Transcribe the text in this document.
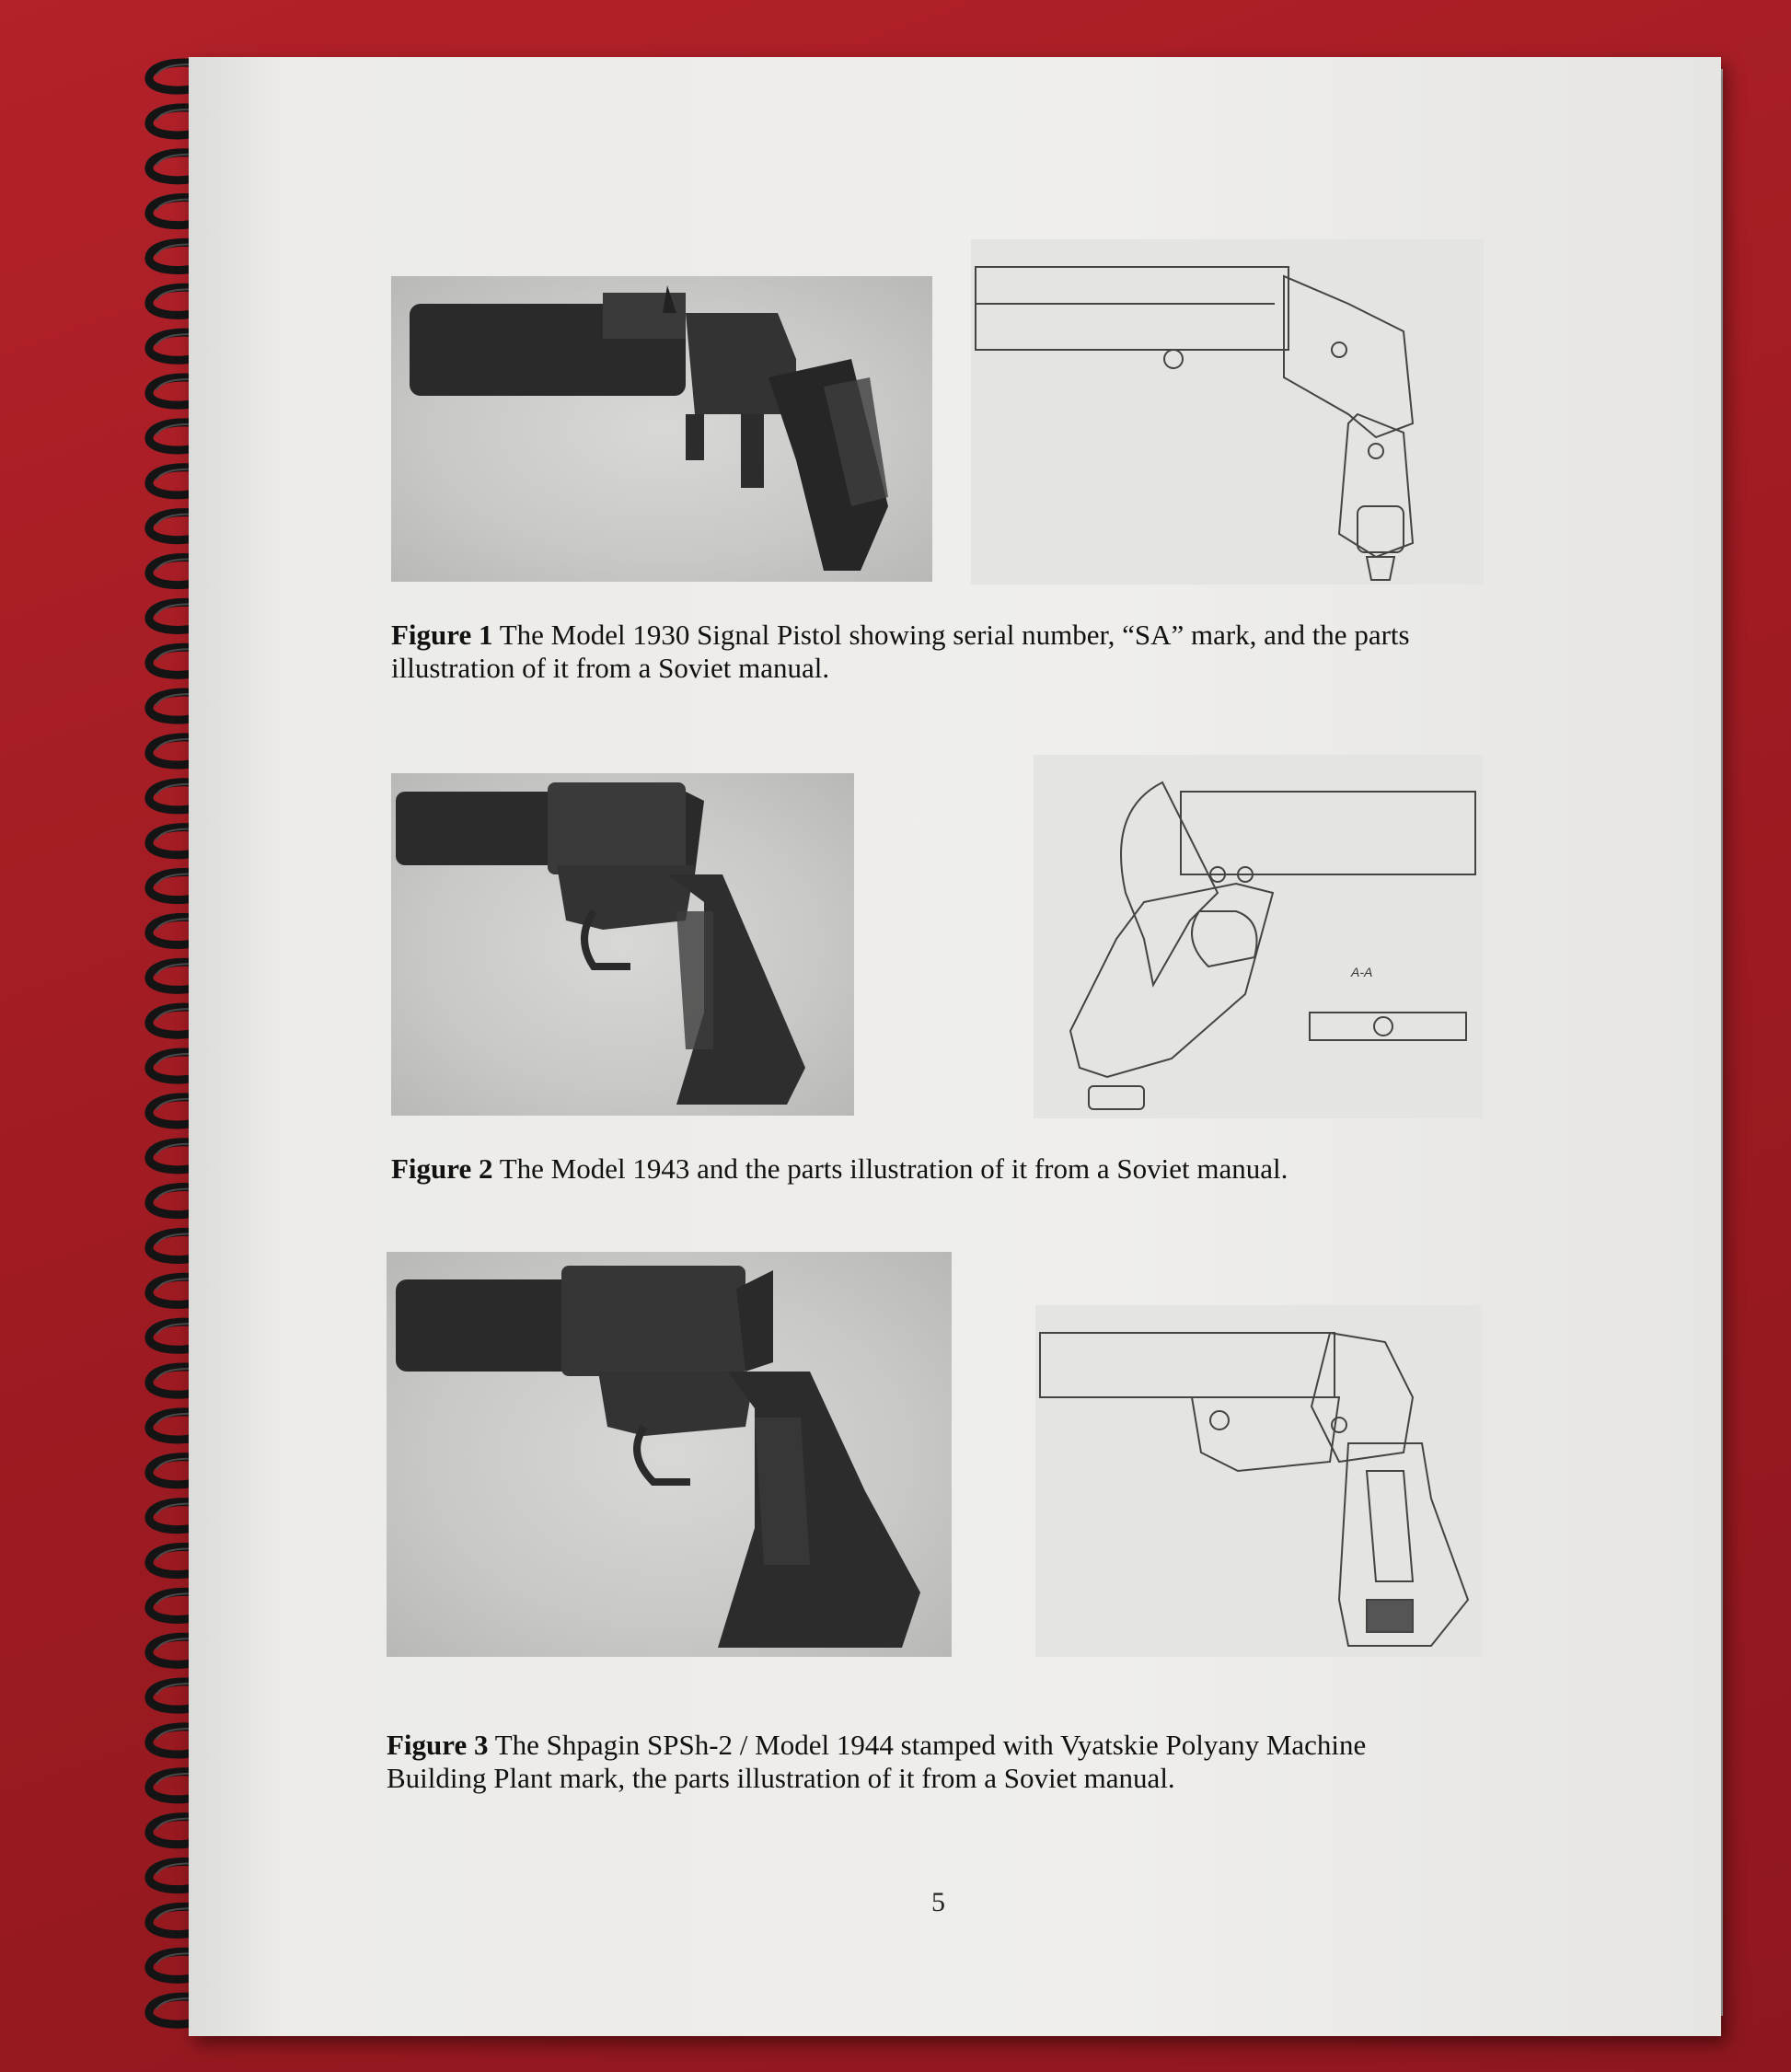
Figure 1 The Model 1930 Signal Pistol showing serial number, “SA” mark, and the parts
illustration of it from a Soviet manual.
A-A
Figure 2 The Model 1943 and the parts illustration of it from a Soviet manual.
Figure 3 The Shpagin SPSh-2 / Model 1944 stamped with Vyatskie Polyany Machine
Building Plant mark, the parts illustration of it from a Soviet manual.
5
